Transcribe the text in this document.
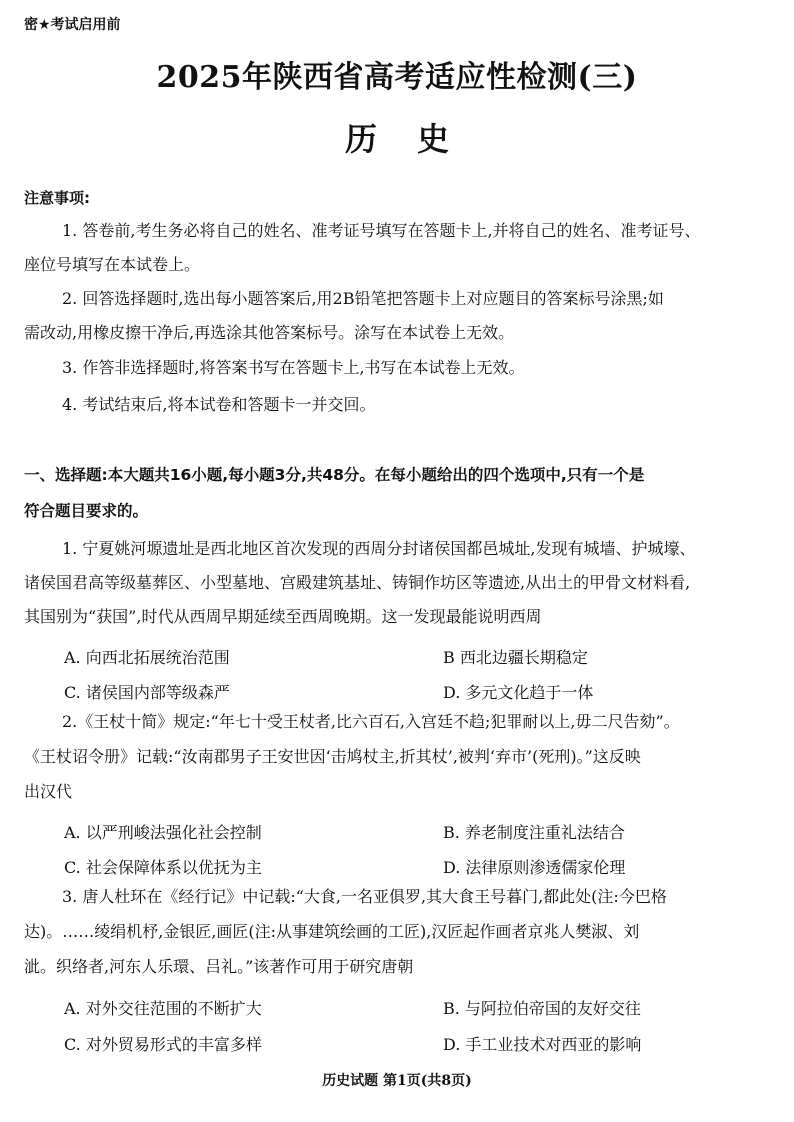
密★考试启用前
2025年陕西省高考适应性检测(三)
历史
注意事项:
1. 答卷前,考生务必将自己的姓名、准考证号填写在答题卡上,并将自己的姓名、准考证号、
座位号填写在本试卷上。
2. 回答选择题时,选出每小题答案后,用2B铅笔把答题卡上对应题目的答案标号涂黑;如
需改动,用橡皮擦干净后,再选涂其他答案标号。涂写在本试卷上无效。
3. 作答非选择题时,将答案书写在答题卡上,书写在本试卷上无效。
4. 考试结束后,将本试卷和答题卡一并交回。
一、选择题:本大题共16小题,每小题3分,共48分。在每小题给出的四个选项中,只有一个是
符合题目要求的。
1. 宁夏姚河塬遗址是西北地区首次发现的西周分封诸侯国都邑城址,发现有城墙、护城壕、
诸侯国君高等级墓葬区、小型墓地、宫殿建筑基址、铸铜作坊区等遗迹,从出土的甲骨文材料看,
其国别为“获国”,时代从西周早期延续至西周晚期。这一发现最能说明西周
A. 向西北拓展统治范围	B 西北边疆长期稳定
C. 诸侯国内部等级森严	D. 多元文化趋于一体
2.《王杖十简》规定:“年七十受王杖者,比六百石,入宫廷不趋;犯罪耐以上,毋二尺告劾”。
《王杖诏令册》记载:“汝南郡男子王安世因‘击鸠杖主,折其杖’,被判‘弃市’(死刑)。”这反映
出汉代
A. 以严刑峻法强化社会控制	B. 养老制度注重礼法结合
C. 社会保障体系以优抚为主	D. 法律原则渗透儒家伦理
3. 唐人杜环在《经行记》中记载:“大食,一名亚俱罗,其大食王号暮门,都此处(注:今巴格
达)。……绫绢机杼,金银匠,画匠(注:从事建筑绘画的工匠),汉匠起作画者京兆人樊淑、刘
泚。织络者,河东人乐環、吕礼。”该著作可用于研究唐朝
A. 对外交往范围的不断扩大	B. 与阿拉伯帝国的友好交往
C. 对外贸易形式的丰富多样	D. 手工业技术对西亚的影响
历史试题 第1页(共8页)
